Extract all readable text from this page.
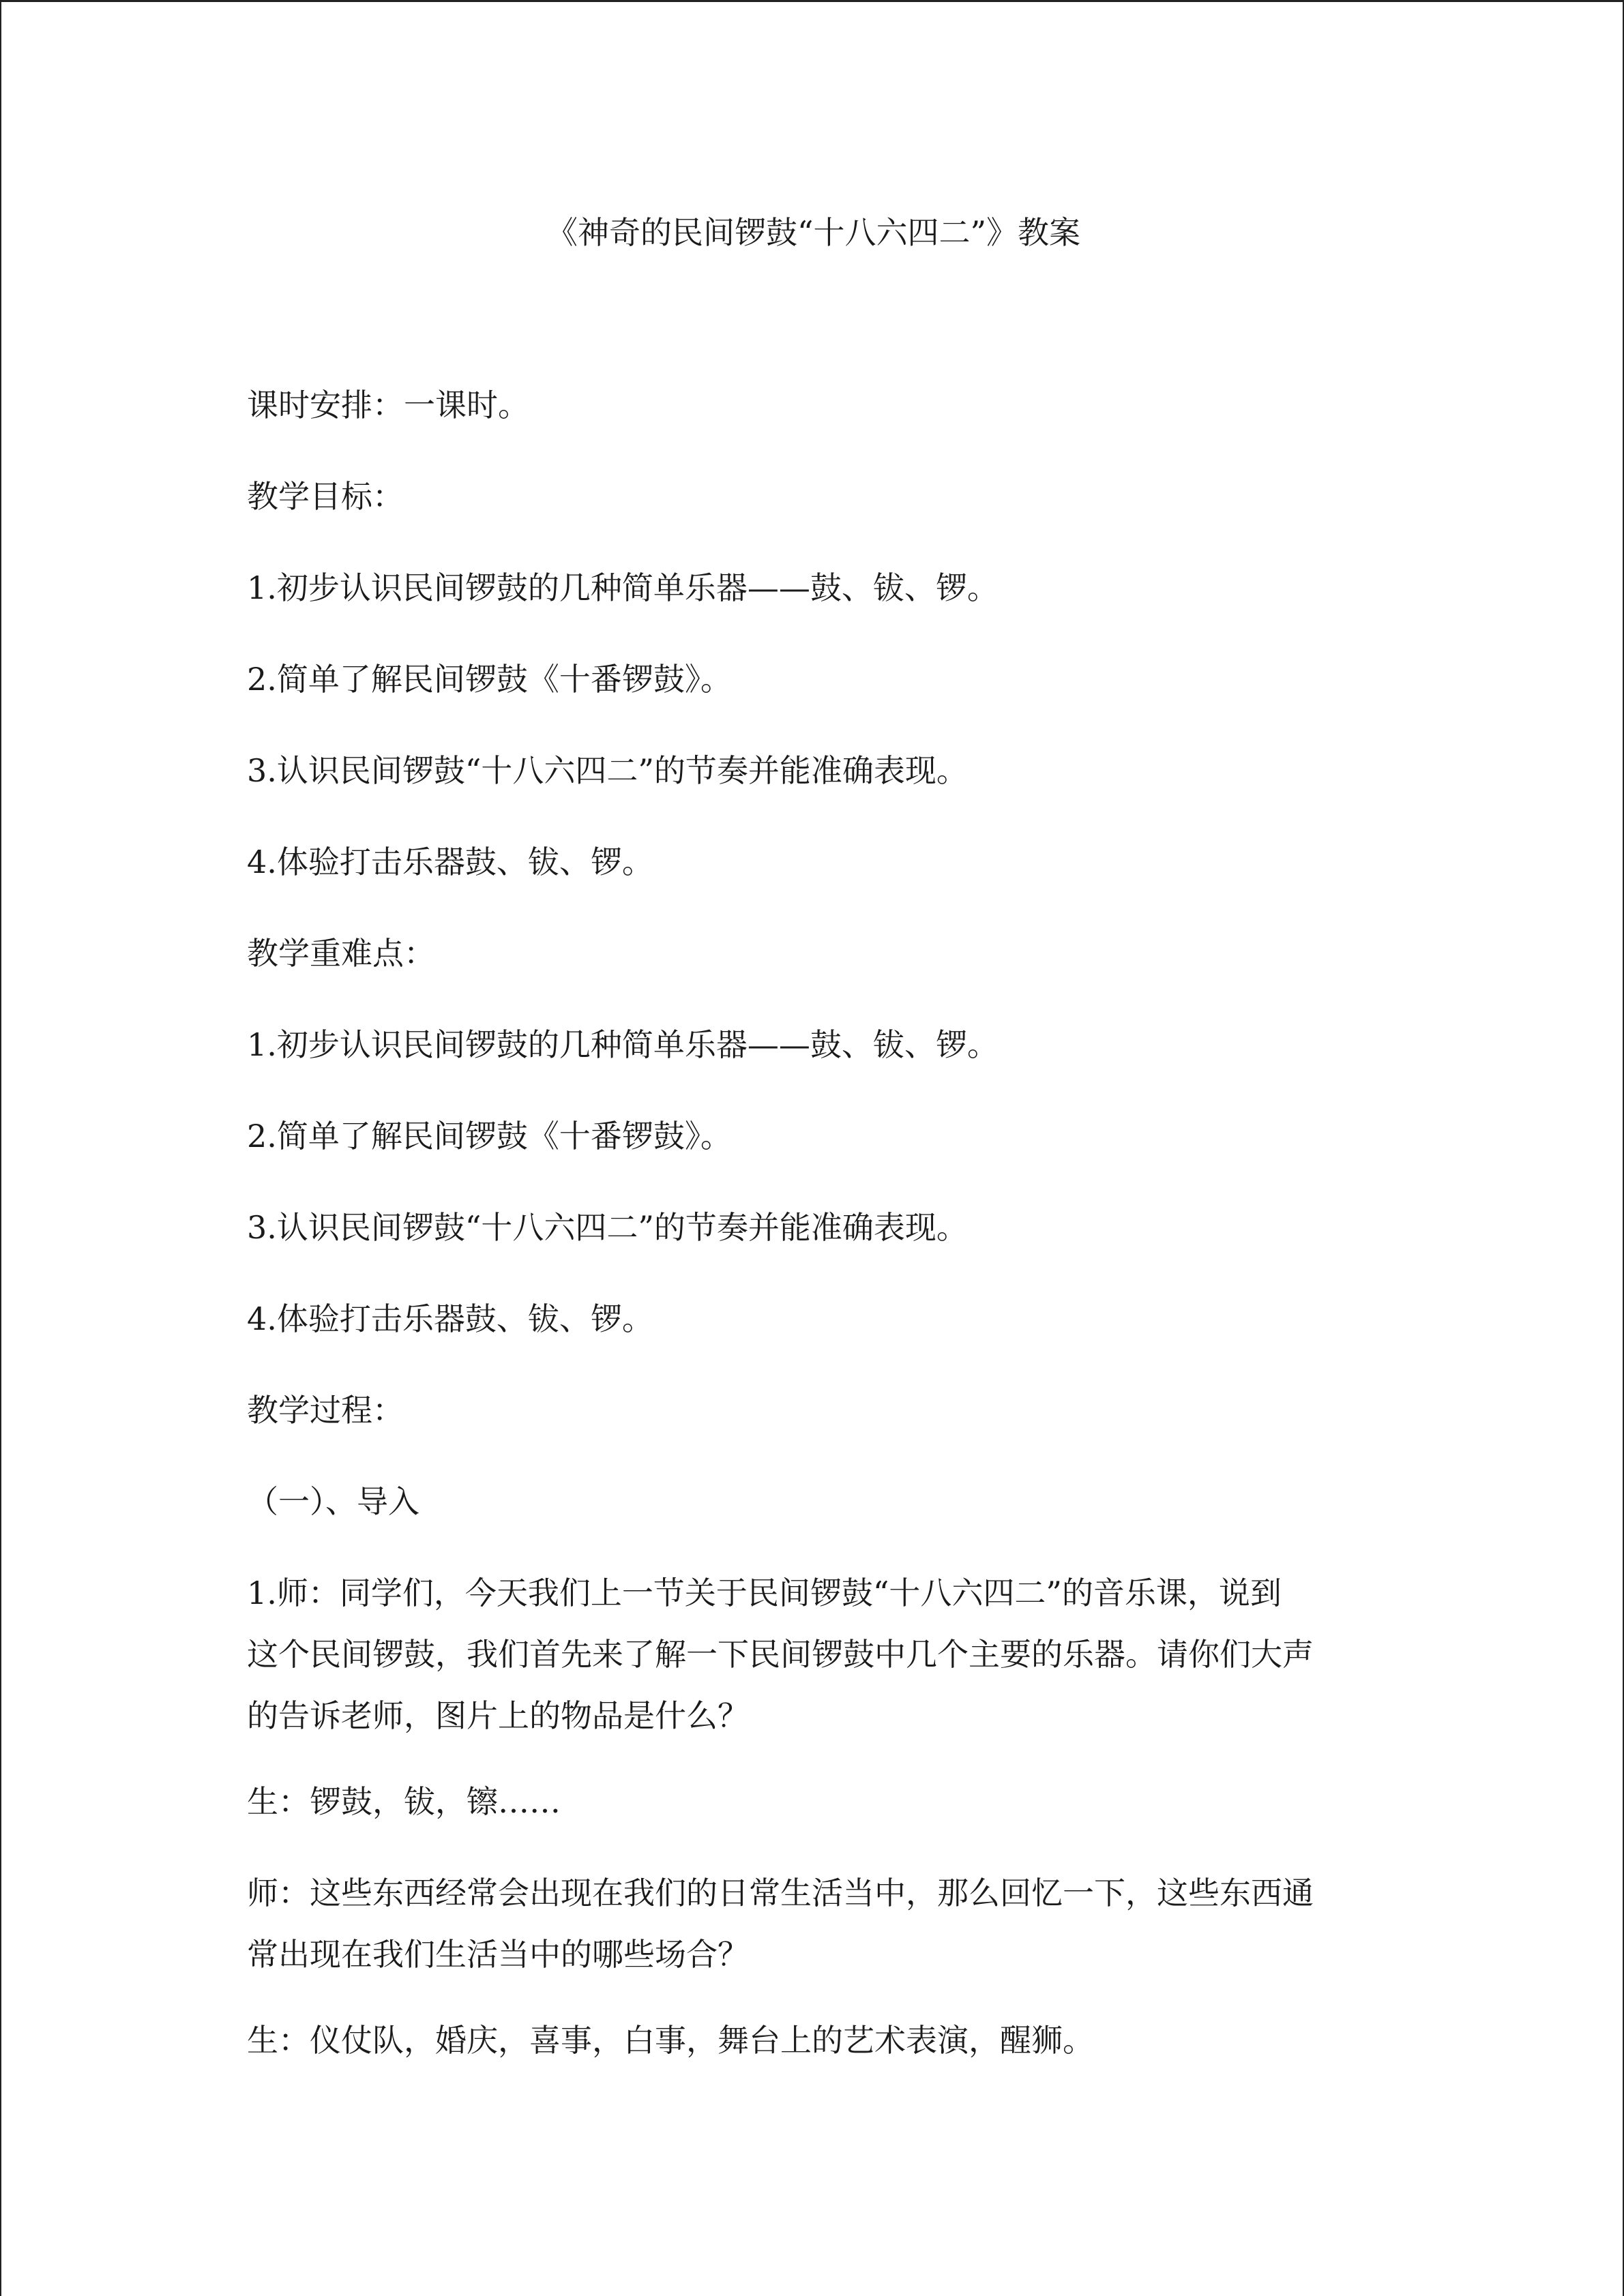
《神奇的民间锣鼓“十八六四二”》教案

课时安排：一课时。

教学目标：

1.初步认识民间锣鼓的几种简单乐器——鼓、钹、锣。

2.简单了解民间锣鼓《十番锣鼓》。

3.认识民间锣鼓“十八六四二”的节奏并能准确表现。

4.体验打击乐器鼓、钹、锣。

教学重难点：

1.初步认识民间锣鼓的几种简单乐器——鼓、钹、锣。

2.简单了解民间锣鼓《十番锣鼓》。

3.认识民间锣鼓“十八六四二”的节奏并能准确表现。

4.体验打击乐器鼓、钹、锣。

教学过程：

（一）、导入

1.师：同学们，今天我们上一节关于民间锣鼓“十八六四二”的音乐课，说到
这个民间锣鼓，我们首先来了解一下民间锣鼓中几个主要的乐器。请你们大声
的告诉老师，图片上的物品是什么？

生：锣鼓，钹，镲……

师：这些东西经常会出现在我们的日常生活当中，那么回忆一下，这些东西通
常出现在我们生活当中的哪些场合？

生：仪仗队，婚庆，喜事，白事，舞台上的艺术表演，醒狮。
